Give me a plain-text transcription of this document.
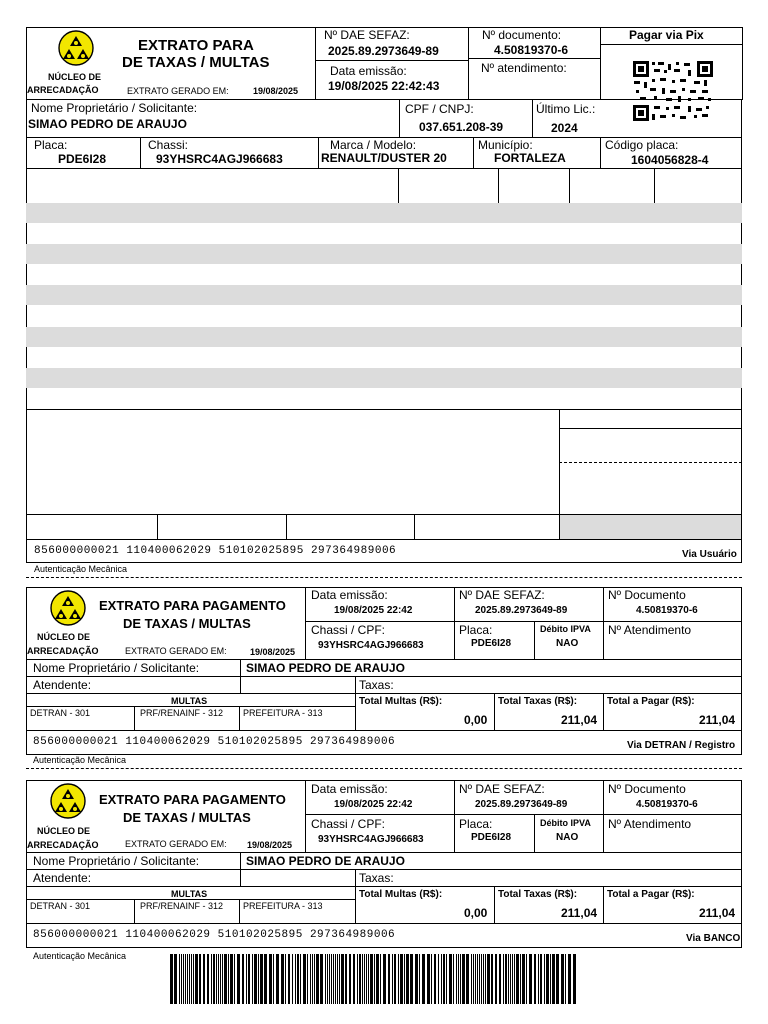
EXTRATO PARA
DE TAXAS / MULTAS
NÚCLEO DE
ARRECADAÇÃO	EXTRATO GERADO EM:	19/08/2025
Nº DAE SEFAZ:
2025.89.2973649-89
Data emissão:
19/08/2025 22:42:43
Nº documento:
4.50819370-6
Nº atendimento:
Pagar via Pix
Nome Proprietário / Solicitante:
SIMAO PEDRO DE ARAUJO
CPF / CNPJ:
037.651.208-39
Último Lic.:
2024
Placa:
PDE6I28
Chassi:
93YHSRC4AGJ966683
Marca / Modelo:
RENAULT/DUSTER 20
Município:
FORTALEZA
Código placa:
1604056828-4
856000000021 110400062029 510102025895 297364989006	Via Usuário
Autenticação Mecânica
EXTRATO PARA PAGAMENTO
DE TAXAS / MULTAS
NÚCLEO DE
ARRECADAÇÃO	EXTRATO GERADO EM:	19/08/2025
Data emissão:
19/08/2025 22:42
Nº DAE SEFAZ:
2025.89.2973649-89
Nº Documento
4.50819370-6
Chassi / CPF:
93YHSRC4AGJ966683
Placa:
PDE6I28
Débito IPVA
NAO
Nº Atendimento
Nome Proprietário / Solicitante:	SIMAO PEDRO DE ARAUJO
Atendente:	Taxas:
MULTAS
DETRAN - 301	PRF/RENAINF - 312 PREFEITURA - 313
Total Multas (R$):
0,00
Total Taxas (R$):
211,04
Total a Pagar (R$):
211,04
856000000021 110400062029 510102025895 297364989006	Via DETRAN / Registro
Autenticação Mecânica
EXTRATO PARA PAGAMENTO
DE TAXAS / MULTAS
NÚCLEO DE
ARRECADAÇÃO	EXTRATO GERADO EM: 19/08/2025
Data emissão:
19/08/2025 22:42
Nº DAE SEFAZ:
2025.89.2973649-89
Nº Documento
4.50819370-6
Chassi / CPF:
93YHSRC4AGJ966683
Placa:
PDE6I28
Débito IPVA
NAO
Nº Atendimento
Nome Proprietário / Solicitante:	SIMAO PEDRO DE ARAUJO
Atendente:	Taxas:
MULTAS
DETRAN - 301	PRF/RENAINF - 312 PREFEITURA - 313
Total Multas (R$):
0,00
Total Taxas (R$):
211,04
Total a Pagar (R$):
211,04
856000000021 110400062029 510102025895 297364989006	Via BANCO
Autenticação Mecânica
